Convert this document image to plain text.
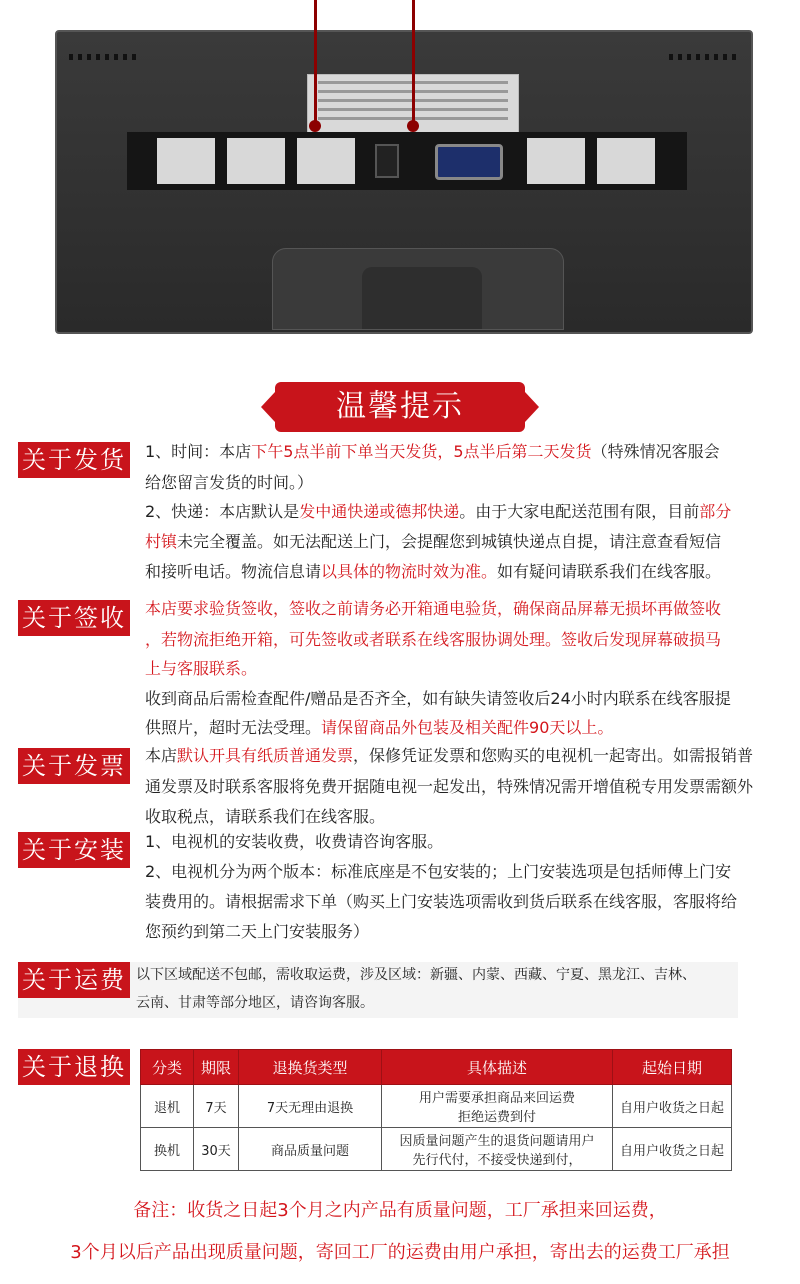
温馨提示
关于发货 1、时间：本店下午5点半前下单当天发货，5点半后第二天发货（特殊情况客服会
给您留言发货的时间。）
2、快递：本店默认是发中通快递或德邦快递。由于大家电配送范围有限，目前部分
村镇未完全覆盖。如无法配送上门，会提醒您到城镇快递点自提，请注意查看短信
和接听电话。物流信息请以具体的物流时效为准。如有疑问请联系我们在线客服。
关于签收 本店要求验货签收，签收之前请务必开箱通电验货，确保商品屏幕无损坏再做签收
，若物流拒绝开箱，可先签收或者联系在线客服协调处理。签收后发现屏幕破损马
上与客服联系。
收到商品后需检查配件/赠品是否齐全，如有缺失请签收后24小时内联系在线客服提
供照片，超时无法受理。请保留商品外包装及相关配件90天以上。
关于发票 本店默认开具有纸质普通发票，保修凭证发票和您购买的电视机一起寄出。如需报销普
通发票及时联系客服将免费开据随电视一起发出，特殊情况需开增值税专用发票需额外
收取税点，请联系我们在线客服。
关于安装 1、电视机的安装收费，收费请咨询客服。
2、电视机分为两个版本：标准底座是不包安装的；上门安装选项是包括师傅上门安
装费用的。请根据需求下单（购买上门安装选项需收到货后联系在线客服，客服将给
您预约到第二天上门安装服务）
关于运费 以下区域配送不包邮，需收取运费，涉及区域：新疆、内蒙、西藏、宁夏、黑龙江、吉林、
云南、甘肃等部分地区，请咨询客服。
关于退换 分类	期限	退换货类型	具体描述	起始日期
退机	7天	7天无理由退换	用户需要承担商品来回运费
拒绝运费到付	自用户收货之日起
换机	30天	商品质量问题	因质量问题产生的退货问题请用户
先行代付，不接受快递到付，	自用户收货之日起
备注：收货之日起3个月之内产品有质量问题，工厂承担来回运费，
3个月以后产品出现质量问题，寄回工厂的运费由用户承担，寄出去的运费工厂承担
